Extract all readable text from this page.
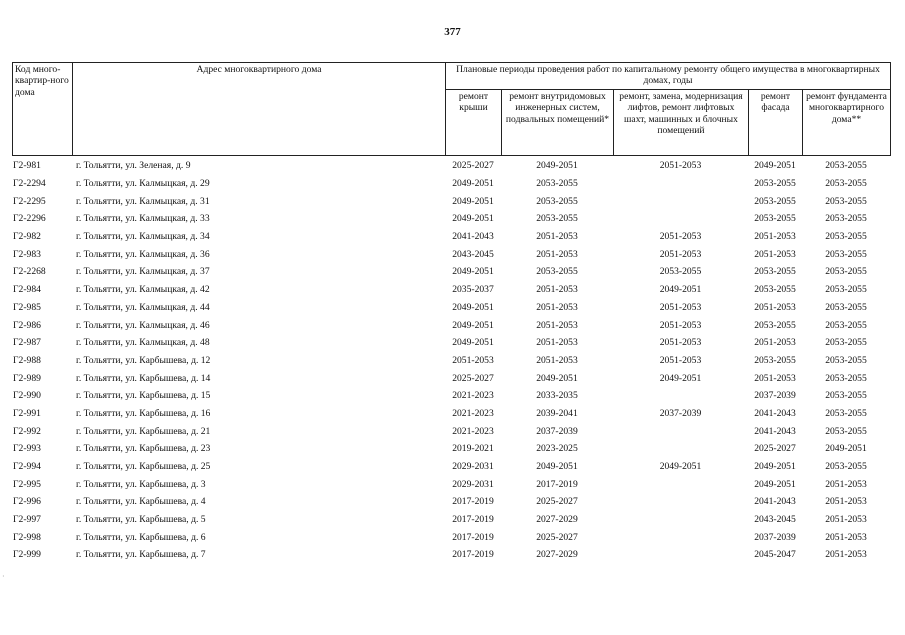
377
Код много-квартир-ного дома	Адрес многоквартирного дома	Плановые периоды проведения работ по капитальному ремонту общего имущества в многоквартирных домах, годы				
		ремонт крыши	ремонт внутридомовых инженерных систем, подвальных помещений*	ремонт, замена, модернизация лифтов, ремонт лифтовых шахт, машинных и блочных помещений	ремонт фасада	ремонт фундамента многоквартирного дома**
Г2-981	г. Тольятти, ул. Зеленая, д. 9	2025-2027	2049-2051	2051-2053	2049-2051	2053-2055
Г2-2294	г. Тольятти, ул. Калмыцкая, д. 29	2049-2051	2053-2055		2053-2055	2053-2055
Г2-2295	г. Тольятти, ул. Калмыцкая, д. 31	2049-2051	2053-2055		2053-2055	2053-2055
Г2-2296	г. Тольятти, ул. Калмыцкая, д. 33	2049-2051	2053-2055		2053-2055	2053-2055
Г2-982	г. Тольятти, ул. Калмыцкая, д. 34	2041-2043	2051-2053	2051-2053	2051-2053	2053-2055
Г2-983	г. Тольятти, ул. Калмыцкая, д. 36	2043-2045	2051-2053	2051-2053	2051-2053	2053-2055
Г2-2268	г. Тольятти, ул. Калмыцкая, д. 37	2049-2051	2053-2055	2053-2055	2053-2055	2053-2055
Г2-984	г. Тольятти, ул. Калмыцкая, д. 42	2035-2037	2051-2053	2049-2051	2053-2055	2053-2055
Г2-985	г. Тольятти, ул. Калмыцкая, д. 44	2049-2051	2051-2053	2051-2053	2051-2053	2053-2055
Г2-986	г. Тольятти, ул. Калмыцкая, д. 46	2049-2051	2051-2053	2051-2053	2053-2055	2053-2055
Г2-987	г. Тольятти, ул. Калмыцкая, д. 48	2049-2051	2051-2053	2051-2053	2051-2053	2053-2055
Г2-988	г. Тольятти, ул. Карбышева, д. 12	2051-2053	2051-2053	2051-2053	2053-2055	2053-2055
Г2-989	г. Тольятти, ул. Карбышева, д. 14	2025-2027	2049-2051	2049-2051	2051-2053	2053-2055
Г2-990	г. Тольятти, ул. Карбышева, д. 15	2021-2023	2033-2035		2037-2039	2053-2055
Г2-991	г. Тольятти, ул. Карбышева, д. 16	2021-2023	2039-2041	2037-2039	2041-2043	2053-2055
Г2-992	г. Тольятти, ул. Карбышева, д. 21	2021-2023	2037-2039		2041-2043	2053-2055
Г2-993	г. Тольятти, ул. Карбышева, д. 23	2019-2021	2023-2025		2025-2027	2049-2051
Г2-994	г. Тольятти, ул. Карбышева, д. 25	2029-2031	2049-2051	2049-2051	2049-2051	2053-2055
Г2-995	г. Тольятти, ул. Карбышева, д. 3	2029-2031	2017-2019		2049-2051	2051-2053
Г2-996	г. Тольятти, ул. Карбышева, д. 4	2017-2019	2025-2027		2041-2043	2051-2053
Г2-997	г. Тольятти, ул. Карбышева, д. 5	2017-2019	2027-2029		2043-2045	2051-2053
Г2-998	г. Тольятти, ул. Карбышева, д. 6	2017-2019	2025-2027		2037-2039	2051-2053
Г2-999	г. Тольятти, ул. Карбышева, д. 7	2017-2019	2027-2029		2045-2047	2051-2053
·
